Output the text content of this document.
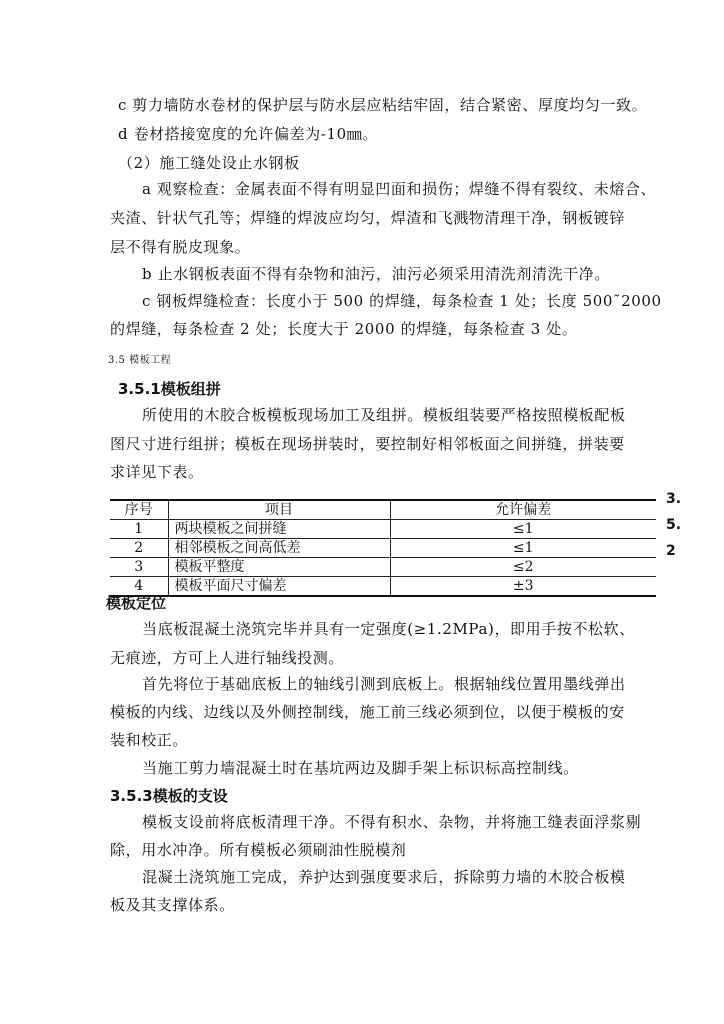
c 剪力墙防水卷材的保护层与防水层应粘结牢固，结合紧密、厚度均匀一致。

d 卷材搭接宽度的允许偏差为-10㎜。

（2）施工缝处设止水钢板

a 观察检查：金属表面不得有明显凹面和损伤；焊缝不得有裂纹、未熔合、

夹渣、针状气孔等；焊缝的焊波应均匀，焊渣和飞溅物清理干净，钢板镀锌

层不得有脱皮现象。

b 止水钢板表面不得有杂物和油污，油污必须采用清洗剂清洗干净。

c 钢板焊缝检查：长度小于 500 的焊缝，每条检查 1 处；长度 500˜2000

的焊缝，每条检查 2 处；长度大于 2000 的焊缝，每条检查 3 处。

3.5 模板工程

3.5.1模板组拼

所使用的木胶合板模板现场加工及组拼。模板组装要严格按照模板配板

图尺寸进行组拼；模板在现场拼装时，要控制好相邻板面之间拼缝，拼装要

求详见下表。

序号	项目	允许偏差
1	两块模板之间拼缝	≤1
2	相邻模板之间高低差	≤1
3	模板平整度	≤2
4	模板平面尺寸偏差	±3
3.
5.
2
模板定位

当底板混凝土浇筑完毕并具有一定强度(≥1.2MPa)，即用手按不松软、

无痕迹，方可上人进行轴线投测。

首先将位于基础底板上的轴线引测到底板上。根据轴线位置用墨线弹出

模板的内线、边线以及外侧控制线，施工前三线必须到位，以便于模板的安

装和校正。

当施工剪力墙混凝土时在基坑两边及脚手架上标识标高控制线。

3.5.3模板的支设

模板支设前将底板清理干净。不得有积水、杂物，并将施工缝表面浮浆剔

除，用水冲净。所有模板必须刷油性脱模剂

混凝土浇筑施工完成，养护达到强度要求后，拆除剪力墙的木胶合板模

板及其支撑体系。
